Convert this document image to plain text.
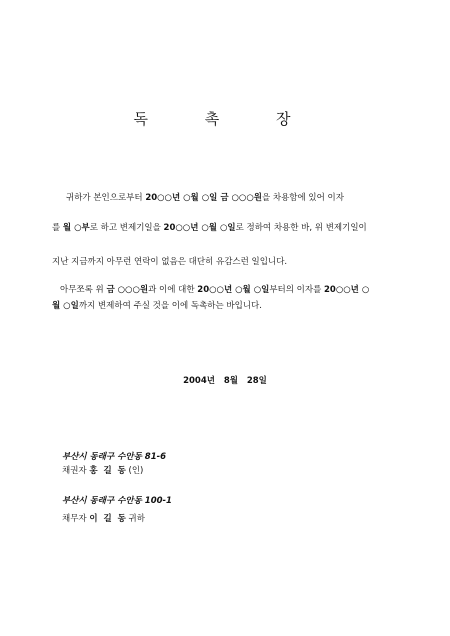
독 촉 장
귀하가 본인으로부터 20○○년 ○월 ○일 금 ○○○원을 차용함에 있어 이자
를 월 ○부로 하고 변제기일을 20○○년 ○월 ○일로 정하여 차용한 바, 위 변제기일이
지난 지금까지 아무런 연락이 없음은 대단히 유감스런 일입니다.
아무쪼록 위 금 ○○○원과 이에 대한 20○○년 ○월 ○일부터의 이자를 20○○년 ○
월 ○일까지 변제하여 주실 것을 이에 독촉하는 바입니다.
2004년   8월   28일
부산시 동래구 수안동 81-6
채권자 홍  길  동 (인)
부산시 동래구 수안동 100-1
채무자 이  길  동 귀하
